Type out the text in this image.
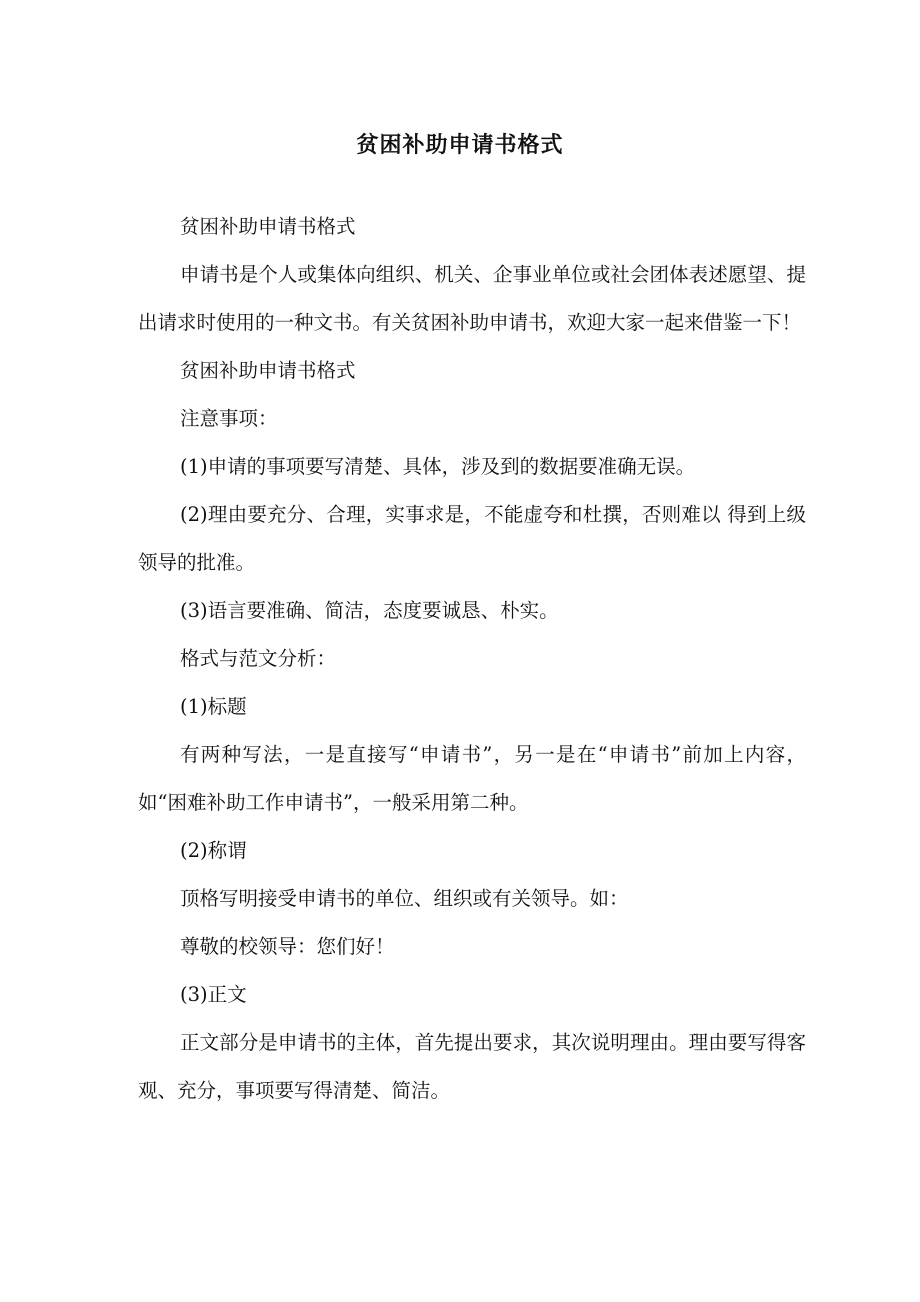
贫困补助申请书格式

贫困补助申请书格式

申请书是个人或集体向组织、机关、企事业单位或社会团体表述愿望、提出请求时使用的一种文书。有关贫困补助申请书，欢迎大家一起来借鉴一下！

贫困补助申请书格式

注意事项：

(1)申请的事项要写清楚、具体，涉及到的数据要准确无误。

(2)理由要充分、合理，实事求是，不能虚夸和杜撰，否则难以 得到上级领导的批准。

(3)语言要准确、简洁，态度要诚恳、朴实。

格式与范文分析：

(1)标题

有两种写法，一是直接写“申请书”，另一是在“申请书”前加上内容，如“困难补助工作申请书”，一般采用第二种。

(2)称谓

顶格写明接受申请书的单位、组织或有关领导。如：

尊敬的校领导：您们好！

(3)正文

正文部分是申请书的主体，首先提出要求，其次说明理由。理由要写得客观、充分，事项要写得清楚、简洁。
